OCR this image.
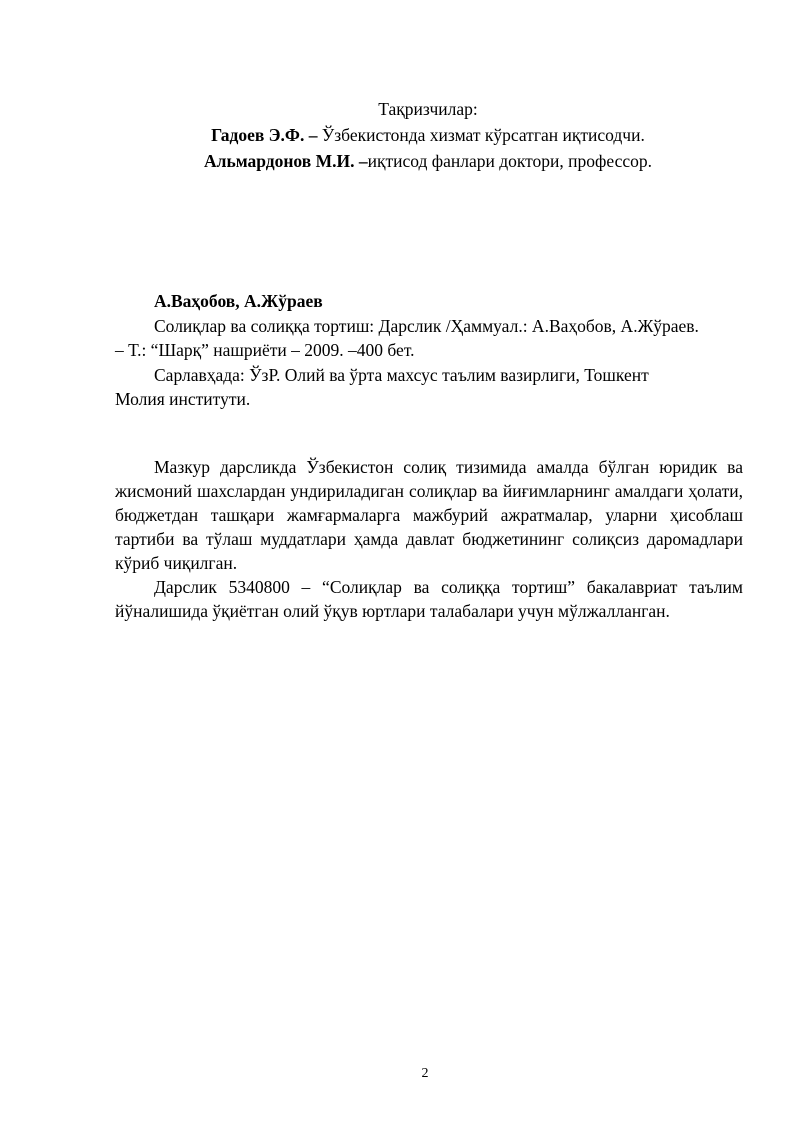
Тақризчилар:
Гадоев Э.Ф. – Ўзбекистонда хизмат кўрсатган иқтисодчи.
Альмардонов М.И. –иқтисод фанлари доктори, профессор.

А.Ваҳобов, А.Жўраев

Солиқлар ва солиққа тортиш: Дарслик /Ҳаммуал.: А.Ваҳобов, А.Жўраев.

– Т.: “Шарқ” нашриёти – 2009. –400 бет.

Сарлавҳада: ЎзР. Олий ва ўрта махсус таълим вазирлиги, Тошкент

Молия институти.

Мазкур дарсликда Ўзбекистон солиқ тизимида амалда бўлган юридик ва жисмоний шахслардан ундириладиган солиқлар ва йиғимларнинг амалдаги ҳолати, бюджетдан ташқари жамғармаларга мажбурий ажратмалар, уларни ҳисоблаш тартиби ва тўлаш муддатлари ҳамда давлат бюджетининг солиқсиз даромадлари кўриб чиқилган.

Дарслик 5340800 – “Солиқлар ва солиққа тортиш” бакалавриат таълим йўналишида ўқиётган олий ўқув юртлари талабалари учун мўлжалланган.

2
